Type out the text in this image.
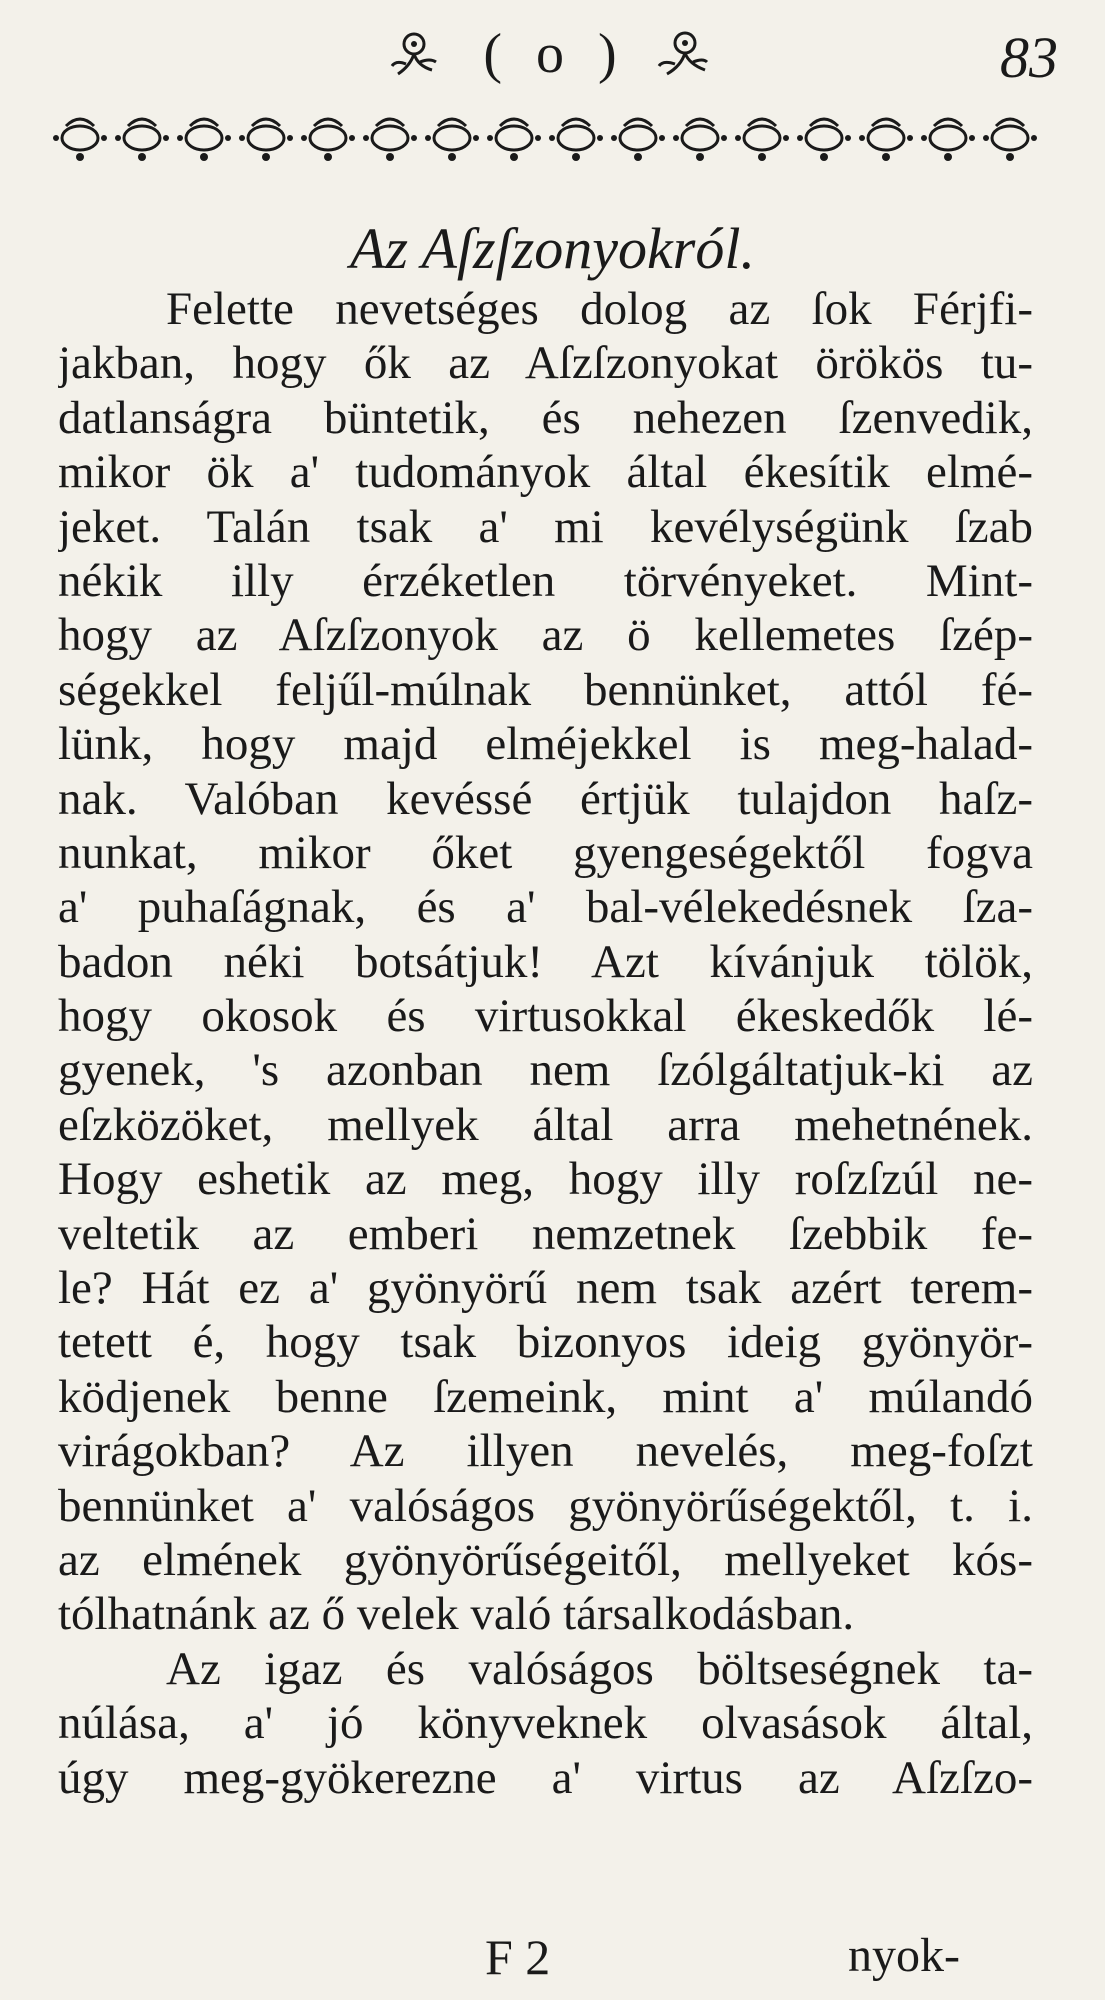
( o )	83
Az Aſzſzonyokról.
Felette nevetséges dolog az ſok Férjfi-
jakban, hogy ők az Aſzſzonyokat örökös tu-
datlanságra büntetik, és nehezen ſzenvedik,
mikor ök a' tudományok által ékesítik elmé-
jeket. Talán tsak a' mi kevélységünk ſzab
nékik illy érzéketlen törvényeket. Mint-
hogy az Aſzſzonyok az ö kellemetes ſzép-
ségekkel feljűl-múlnak bennünket, attól fé-
lünk, hogy majd elméjekkel is meg-halad-
nak. Valóban kevéssé értjük tulajdon haſz-
nunkat, mikor őket gyengeségektől fogva
a' puhaſágnak, és a' bal-vélekedésnek ſza-
badon néki botsátjuk! Azt kívánjuk tölök,
hogy okosok és virtusokkal ékeskedők lé-
gyenek, 's azonban nem ſzólgáltatjuk-ki az
eſzközöket, mellyek által arra mehetnének.
Hogy eshetik az meg, hogy illy roſzſzúl ne-
veltetik az emberi nemzetnek ſzebbik fe-
le? Hát ez a' gyönyörű nem tsak azért terem-
tetett é, hogy tsak bizonyos ideig gyönyör-
ködjenek benne ſzemeink, mint a' múlandó
virágokban? Az illyen nevelés, meg-foſzt
bennünket a' valóságos gyönyörűségektől, t. i.
az elmének gyönyörűségeitől, mellyeket kós-
tólhatnánk az ő velek való társalkodásban.
Az igaz és valóságos böltseségnek ta-
núlása, a' jó könyveknek olvasások által,
úgy meg-gyökerezne a' virtus az Aſzſzo-
F 2	nyok-
